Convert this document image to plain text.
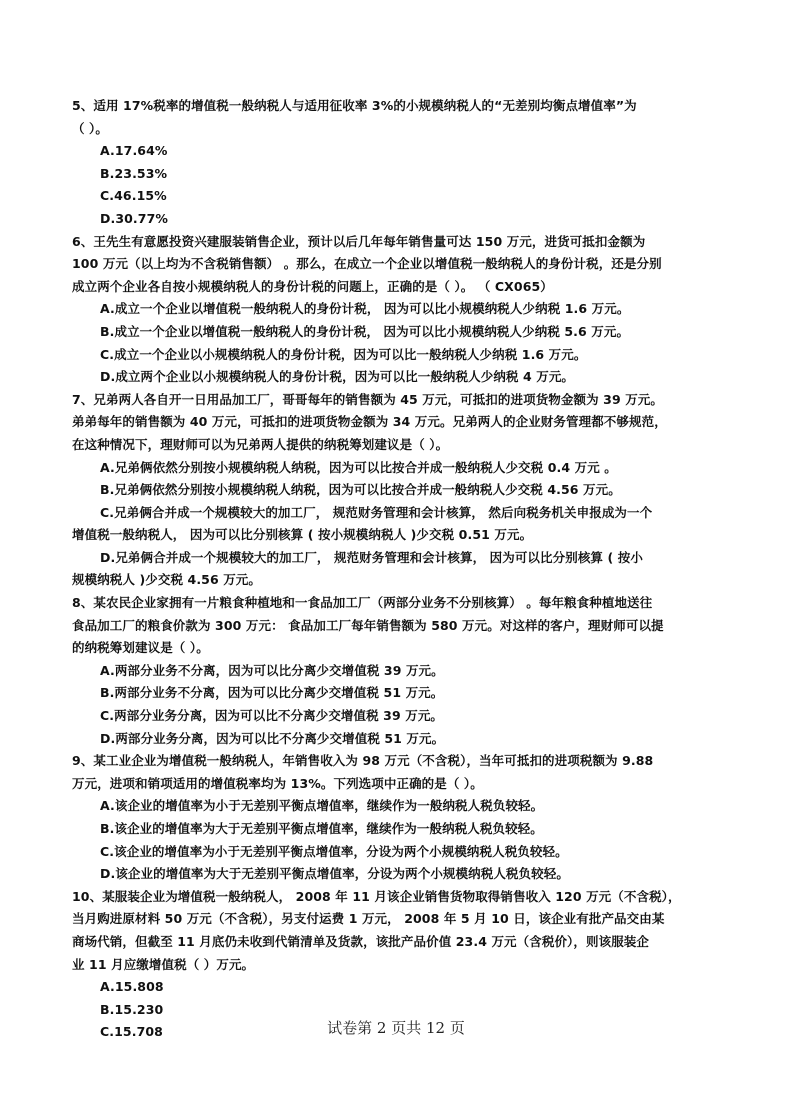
5、适用 17%税率的增值税一般纳税人与适用征收率 3%的小规模纳税人的“无差别均衡点增值率”为
（ ）。
A.17.64%
B.23.53%
C.46.15%
D.30.77%
6、王先生有意愿投资兴建服装销售企业，预计以后几年每年销售量可达 150 万元，进货可抵扣金额为
100 万元（以上均为不含税销售额） 。那么，在成立一个企业以增值税一般纳税人的身份计税，还是分别
成立两个企业各自按小规模纳税人的身份计税的问题上，正确的是（ ）。 （ CX065）
A.成立一个企业以增值税一般纳税人的身份计税， 因为可以比小规模纳税人少纳税 1.6 万元。
B.成立一个企业以增值税一般纳税人的身份计税， 因为可以比小规模纳税人少纳税 5.6 万元。
C.成立一个企业以小规模纳税人的身份计税，因为可以比一般纳税人少纳税 1.6 万元。
D.成立两个企业以小规模纳税人的身份计税，因为可以比一般纳税人少纳税 4 万元。
7、兄弟两人各自开一日用品加工厂，哥哥每年的销售额为 45 万元，可抵扣的进项货物金额为 39 万元。
弟弟每年的销售额为 40 万元，可抵扣的进项货物金额为 34 万元。兄弟两人的企业财务管理都不够规范，
在这种情况下，理财师可以为兄弟两人提供的纳税筹划建议是（ ）。
A.兄弟俩依然分别按小规模纳税人纳税，因为可以比按合并成一般纳税人少交税 0.4 万元 。
B.兄弟俩依然分别按小规模纳税人纳税，因为可以比按合并成一般纳税人少交税 4.56 万元。
C.兄弟俩合并成一个规模较大的加工厂， 规范财务管理和会计核算， 然后向税务机关申报成为一个
增值税一般纳税人， 因为可以比分别核算 ( 按小规模纳税人 )少交税 0.51 万元。
D.兄弟俩合并成一个规模较大的加工厂， 规范财务管理和会计核算， 因为可以比分别核算 ( 按小
规模纳税人 )少交税 4.56 万元。
8、某农民企业家拥有一片粮食种植地和一食品加工厂（两部分业务不分别核算） 。每年粮食种植地送往
食品加工厂的粮食价款为 300 万元： 食品加工厂每年销售额为 580 万元。对这样的客户，理财师可以提
的纳税筹划建议是（ ）。
A.两部分业务不分离，因为可以比分离少交增值税 39 万元。
B.两部分业务不分离，因为可以比分离少交增值税 51 万元。
C.两部分业务分离，因为可以比不分离少交增值税 39 万元。
D.两部分业务分离，因为可以比不分离少交增值税 51 万元。
9、某工业企业为增值税一般纳税人，年销售收入为 98 万元（不含税），当年可抵扣的进项税额为 9.88
万元，进项和销项适用的增值税率均为 13%。下列选项中正确的是（ ）。
A.该企业的增值率为小于无差别平衡点增值率，继续作为一般纳税人税负较轻。
B.该企业的增值率为大于无差别平衡点增值率，继续作为一般纳税人税负较轻。
C.该企业的增值率为小于无差别平衡点增值率，分设为两个小规模纳税人税负较轻。
D.该企业的增值率为大于无差别平衡点增值率，分设为两个小规模纳税人税负较轻。
10、某服装企业为增值税一般纳税人， 2008 年 11 月该企业销售货物取得销售收入 120 万元（不含税），
当月购进原材料 50 万元（不含税），另支付运费 1 万元， 2008 年 5 月 10 日，该企业有批产品交由某
商场代销，但截至 11 月底仍未收到代销清单及货款，该批产品价值 23.4 万元（含税价），则该服装企
业 11 月应缴增值税（ ）万元。
A.15.808
B.15.230
C.15.708	试卷第 2 页共 12 页
